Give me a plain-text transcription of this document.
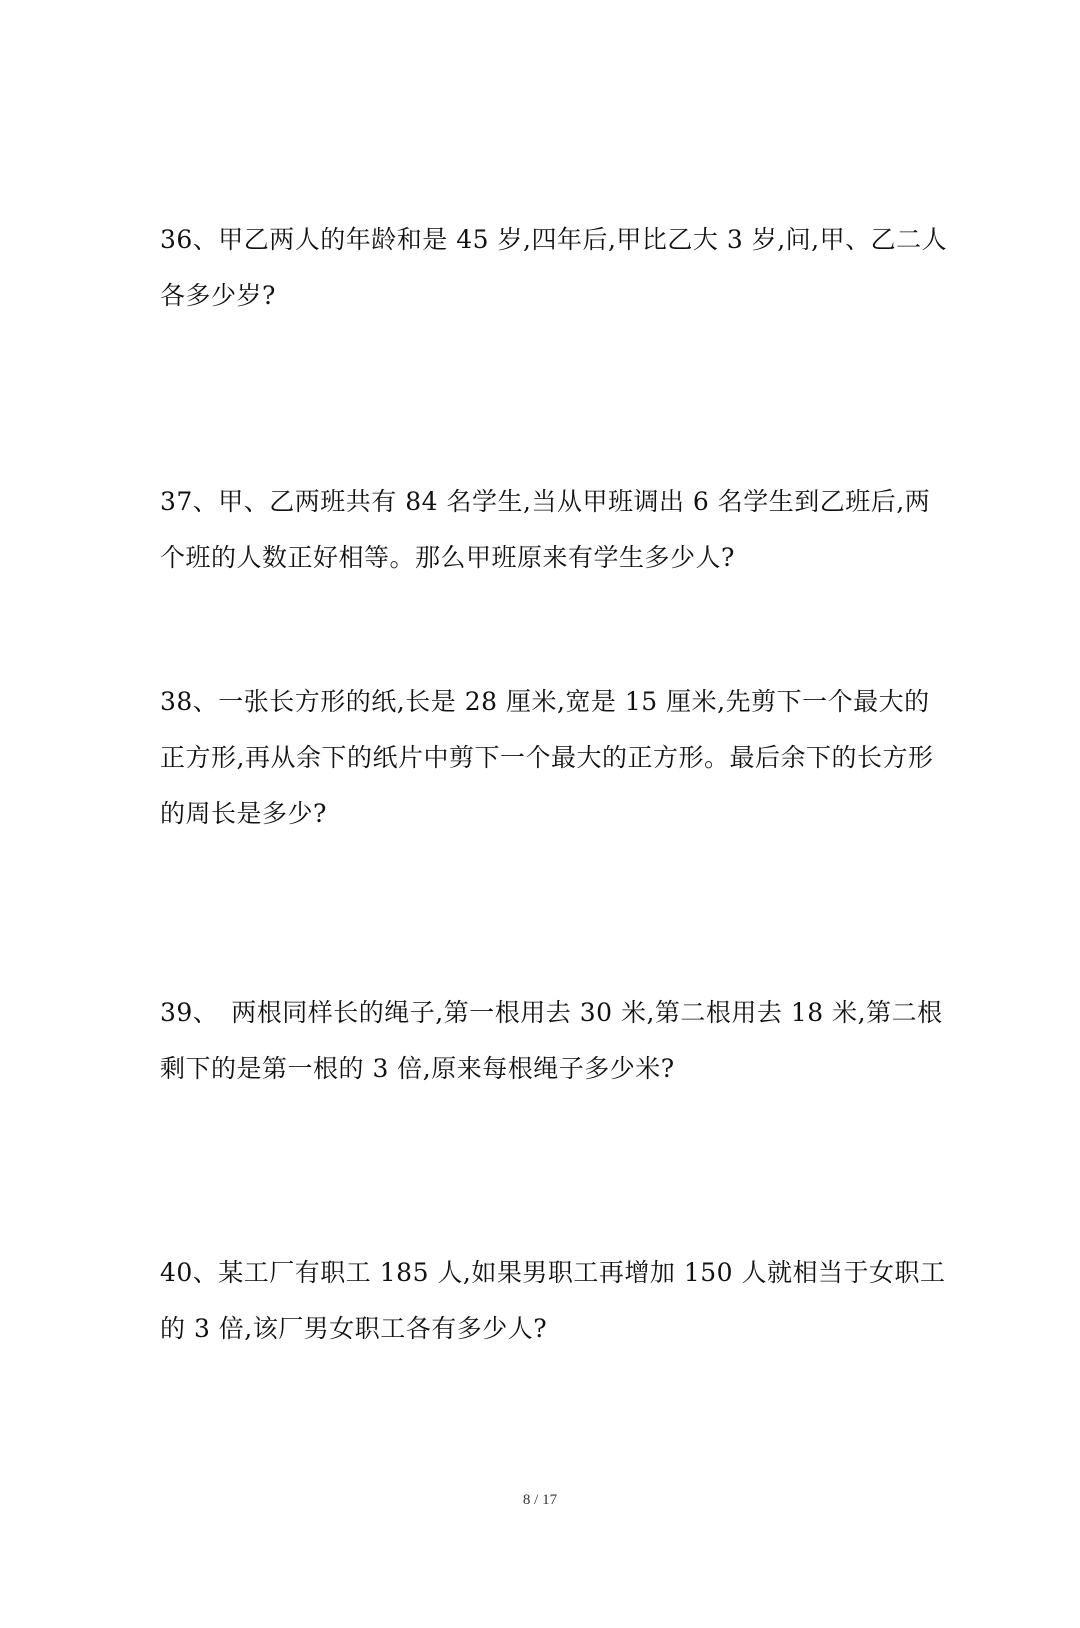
36、甲乙两人的年龄和是 45 岁,四年后,甲比乙大 3 岁,问,甲、乙二人各多少岁?

37、甲、乙两班共有 84 名学生,当从甲班调出 6 名学生到乙班后,两个班的人数正好相等。那么甲班原来有学生多少人?

38、一张长方形的纸,长是 28 厘米,宽是 15 厘米,先剪下一个最大的正方形,再从余下的纸片中剪下一个最大的正方形。最后余下的长方形的周长是多少?

39、　两根同样长的绳子,第一根用去 30 米,第二根用去 18 米,第二根剩下的是第一根的 3 倍,原来每根绳子多少米?

40、某工厂有职工 185 人,如果男职工再增加 150 人就相当于女职工的 3 倍,该厂男女职工各有多少人?

8 / 17
